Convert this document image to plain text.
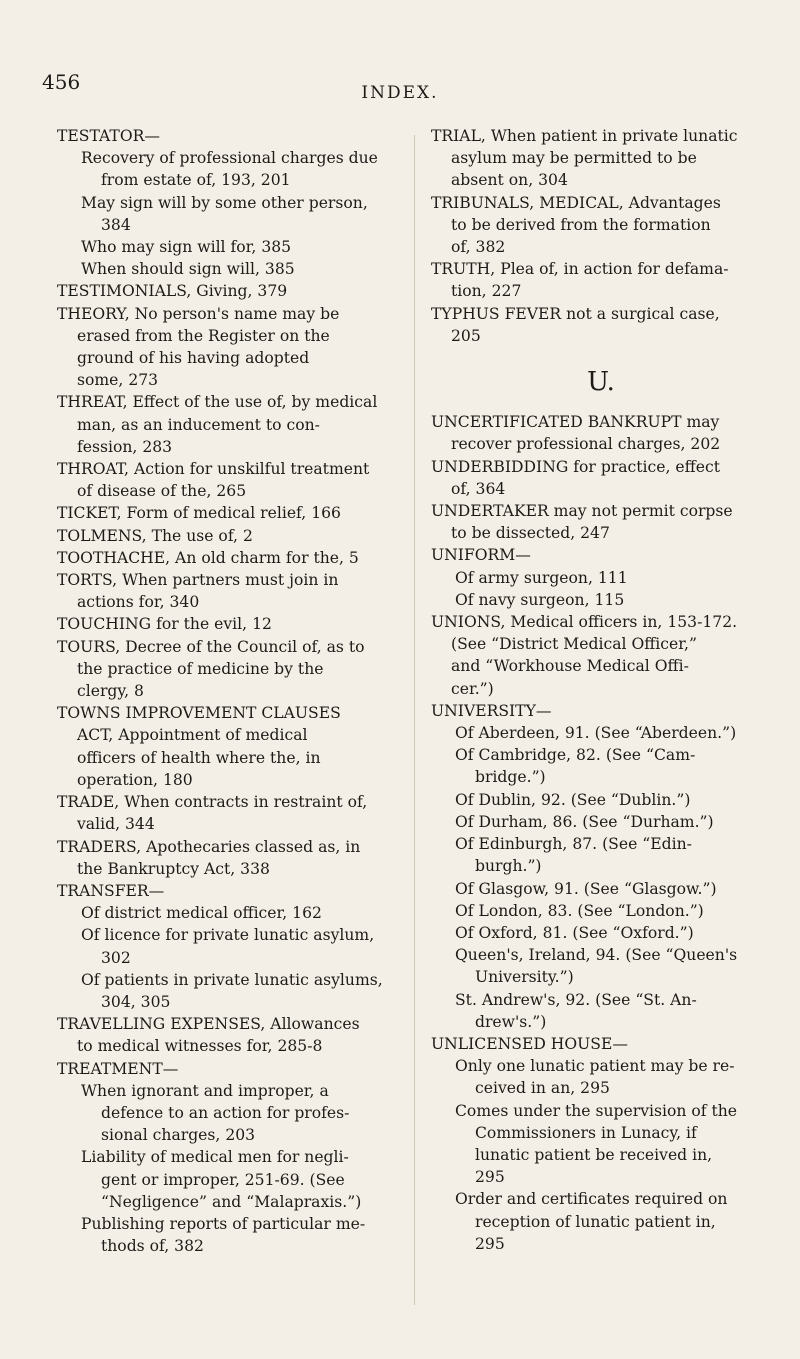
456	INDEX.
TESTATOR—
Recovery of professional charges due
from estate of, 193, 201
May sign will by some other person,
384
Who may sign will for, 385
When should sign will, 385
TESTIMONIALS, Giving, 379
THEORY, No person's name may be
erased from the Register on the
ground of his having adopted
some, 273
THREAT, Effect of the use of, by medical
man, as an inducement to con-
fession, 283
THROAT, Action for unskilful treatment
of disease of the, 265
TICKET, Form of medical relief, 166
TOLMENS, The use of, 2
TOOTHACHE, An old charm for the, 5
TORTS, When partners must join in
actions for, 340
TOUCHING for the evil, 12
TOURS, Decree of the Council of, as to
the practice of medicine by the
clergy, 8
TOWNS IMPROVEMENT CLAUSES
ACT, Appointment of medical
officers of health where the, in
operation, 180
TRADE, When contracts in restraint of,
valid, 344
TRADERS, Apothecaries classed as, in
the Bankruptcy Act, 338
TRANSFER—
Of district medical officer, 162
Of licence for private lunatic asylum,
302
Of patients in private lunatic asylums,
304, 305
TRAVELLING EXPENSES, Allowances
to medical witnesses for, 285-8
TREATMENT—
When ignorant and improper, a
defence to an action for profes-
sional charges, 203
Liability of medical men for negli-
gent or improper, 251-69. (See
“Negligence” and “Malapraxis.”)
Publishing reports of particular me-
thods of, 382
TRIAL, When patient in private lunatic
asylum may be permitted to be
absent on, 304
TRIBUNALS, MEDICAL, Advantages
to be derived from the formation
of, 382
TRUTH, Plea of, in action for defama-
tion, 227
TYPHUS FEVER not a surgical case,
205
U.
UNCERTIFICATED BANKRUPT may
recover professional charges, 202
UNDERBIDDING for practice, effect
of, 364
UNDERTAKER may not permit corpse
to be dissected, 247
UNIFORM—
Of army surgeon, 111
Of navy surgeon, 115
UNIONS, Medical officers in, 153-172.
(See “District Medical Officer,”
and “Workhouse Medical Offi-
cer.”)
UNIVERSITY—
Of Aberdeen, 91. (See “Aberdeen.”)
Of Cambridge, 82. (See “Cam-
bridge.”)
Of Dublin, 92. (See “Dublin.”)
Of Durham, 86. (See “Durham.”)
Of Edinburgh, 87. (See “Edin-
burgh.”)
Of Glasgow, 91. (See “Glasgow.”)
Of London, 83. (See “London.”)
Of Oxford, 81. (See “Oxford.”)
Queen's, Ireland, 94. (See “Queen's
University.”)
St. Andrew's, 92. (See “St. An-
drew's.”)
UNLICENSED HOUSE—
Only one lunatic patient may be re-
ceived in an, 295
Comes under the supervision of the
Commissioners in Lunacy, if
lunatic patient be received in,
295
Order and certificates required on
reception of lunatic patient in,
295
